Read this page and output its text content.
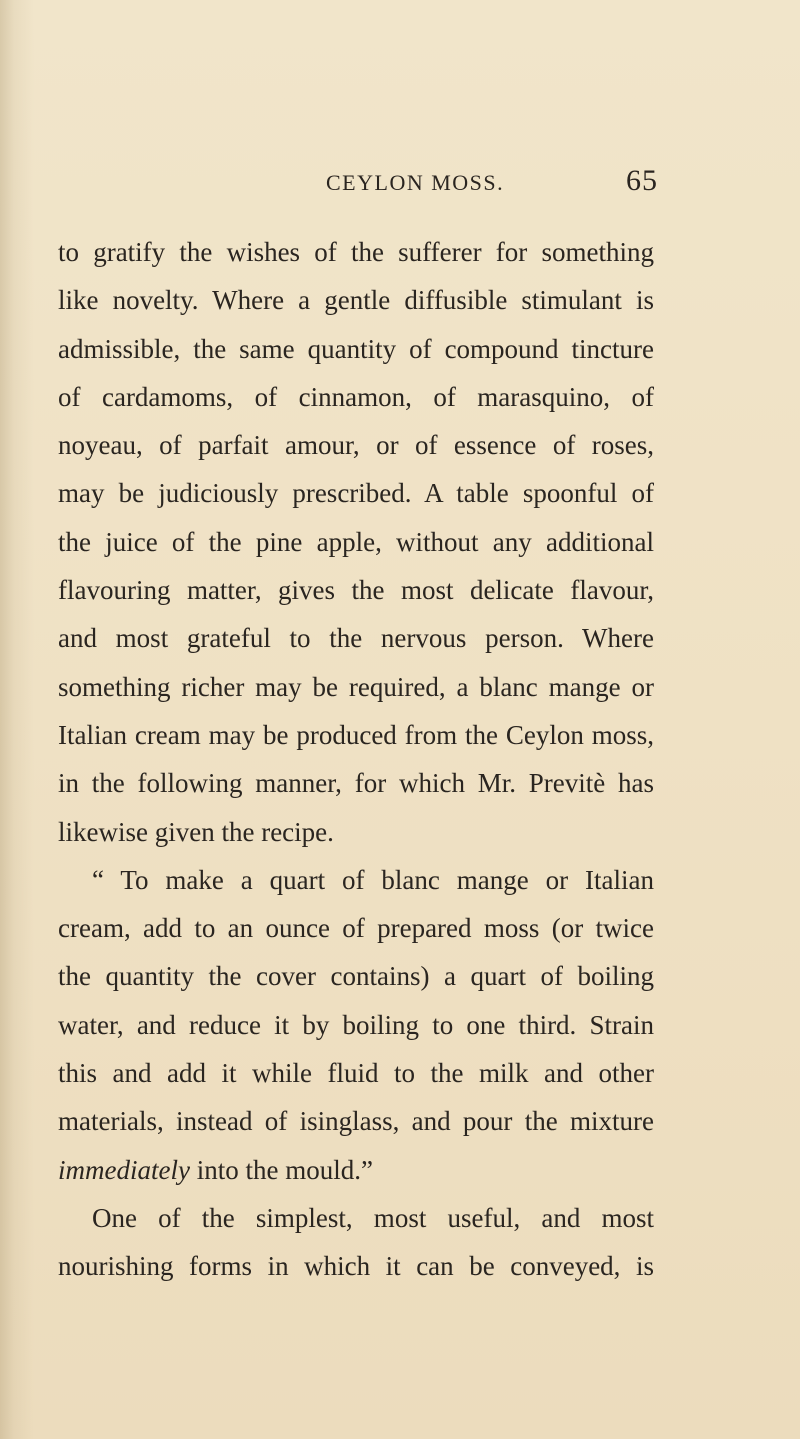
CEYLON MOSS.	65
to gratify the wishes of the sufferer for something
like novelty. Where a gentle diffusible stimulant is
admissible, the same quantity of compound tincture
of cardamoms, of cinnamon, of marasquino, of
noyeau, of parfait amour, or of essence of roses,
may be judiciously prescribed. A table spoonful of
the juice of the pine apple, without any additional
flavouring matter, gives the most delicate flavour,
and most grateful to the nervous person. Where
something richer may be required, a blanc mange or
Italian cream may be produced from the Ceylon moss,
in the following manner, for which Mr. Previtè has
likewise given the recipe.
“ To make a quart of blanc mange or Italian
cream, add to an ounce of prepared moss (or twice
the quantity the cover contains) a quart of boiling
water, and reduce it by boiling to one third. Strain
this and add it while fluid to the milk and other
materials, instead of isinglass, and pour the mixture
immediately into the mould.”
One of the simplest, most useful, and most
nourishing forms in which it can be conveyed, is
